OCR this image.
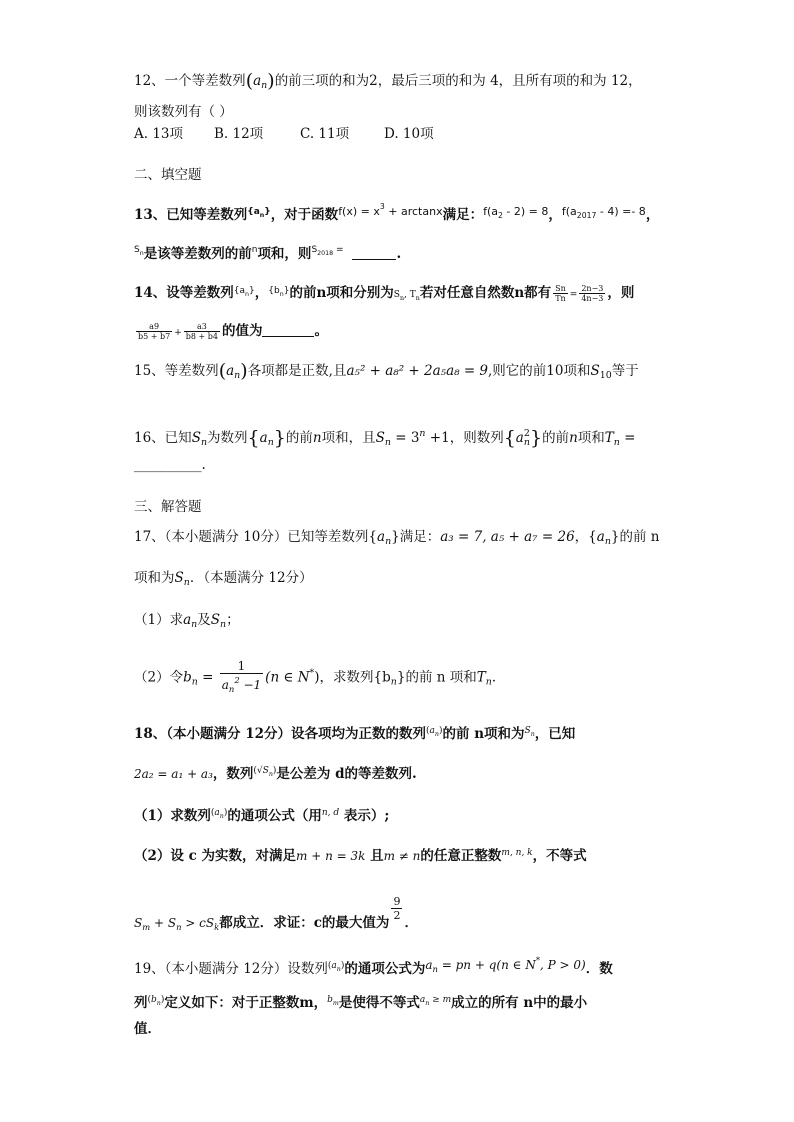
12、一个等差数列$(a_n)$的前三项的和为2，最后三项的和为 4，且所有项的和为 12，
则该数列有（ ）
A. 13项 B. 12项	C. 11项	D. 10项
二、填空题
13、已知等差数列$^{\{a_n\}}$，对于函数$^{f(x) = x^3 + arctanx}$满足：$^{f(a_2 - 2) = 8}$，$^{f(a_{2017} - 4) =- 8}$，
$^{S_n}$是该等差数列的前$^n$项和，则$^{S_{2018} =}$	.
14、设等差数列$^{\{a_n\}}$，$^{\{b_n\}}$的前n项和分别为$S_n$, $T_n$若对任意自然数n都有 $\frac{Sn}{Tn} = \frac{2n-3}{4n-3}$ ，则
$\frac{a9}{b5 + b7} + \frac{a3}{b8 + b4}$ 的值为	。
15、等差数列$(a_n)$各项都是正数,且a₅² + a₈² + 2a₅a₈ = 9,则它的前10项和$S_{10}$等于
16、已知$S_n$为数列$\{a_n\}$的前n项和，且$S_n = 3^n +1$，则数列$\{a^2_n\}$的前n项和$T_n$ =
__________.
三、解答题
17、（本小题满分 10分）已知等差数列$\{a_n\}$满足：a₃ = 7, a₅ + a₇ = 26，$\{a_n\}$的前 n
项和为$S_n$．（本题满分 12分）
（1）求$a_n$及$S_n$；
（2）令$b_n = \frac{1}{a_n^2 -1} (n$ ∈ N*)，求数列$\{b_n\}$的前 n 项和$T_n$．
18、（本小题满分 12分）设各项均为正数的数列$^{(a_n)}$的前 n项和为$^{S_n}$，已知
2a₂ = a₁ + a₃，数列$^{(√S_n)}$是公差为 d的等差数列.
（1）求数列$^{(a_n)}$的通项公式（用$^{n, d}$ 表示）;
（2）设 c 为实数，对满足m + n = 3k 且m ≠ n的任意正整数$^{m, n, k}$，不等式
$S_m + S_n > cS_k$都成立．求证：c的最大值为
$\frac{9}{2}$
．
19、（本小题满分 12分）设数列$^{(a_n)}$的通项公式为$a_n$ = pn + q(n ∈ N*, P > 0)．数
列$^{(b_n)}$定义如下：对于正整数m，$^{b_m}$是使得不等式$^{a_n \ge m}$成立的所有 n中的最小
值．
